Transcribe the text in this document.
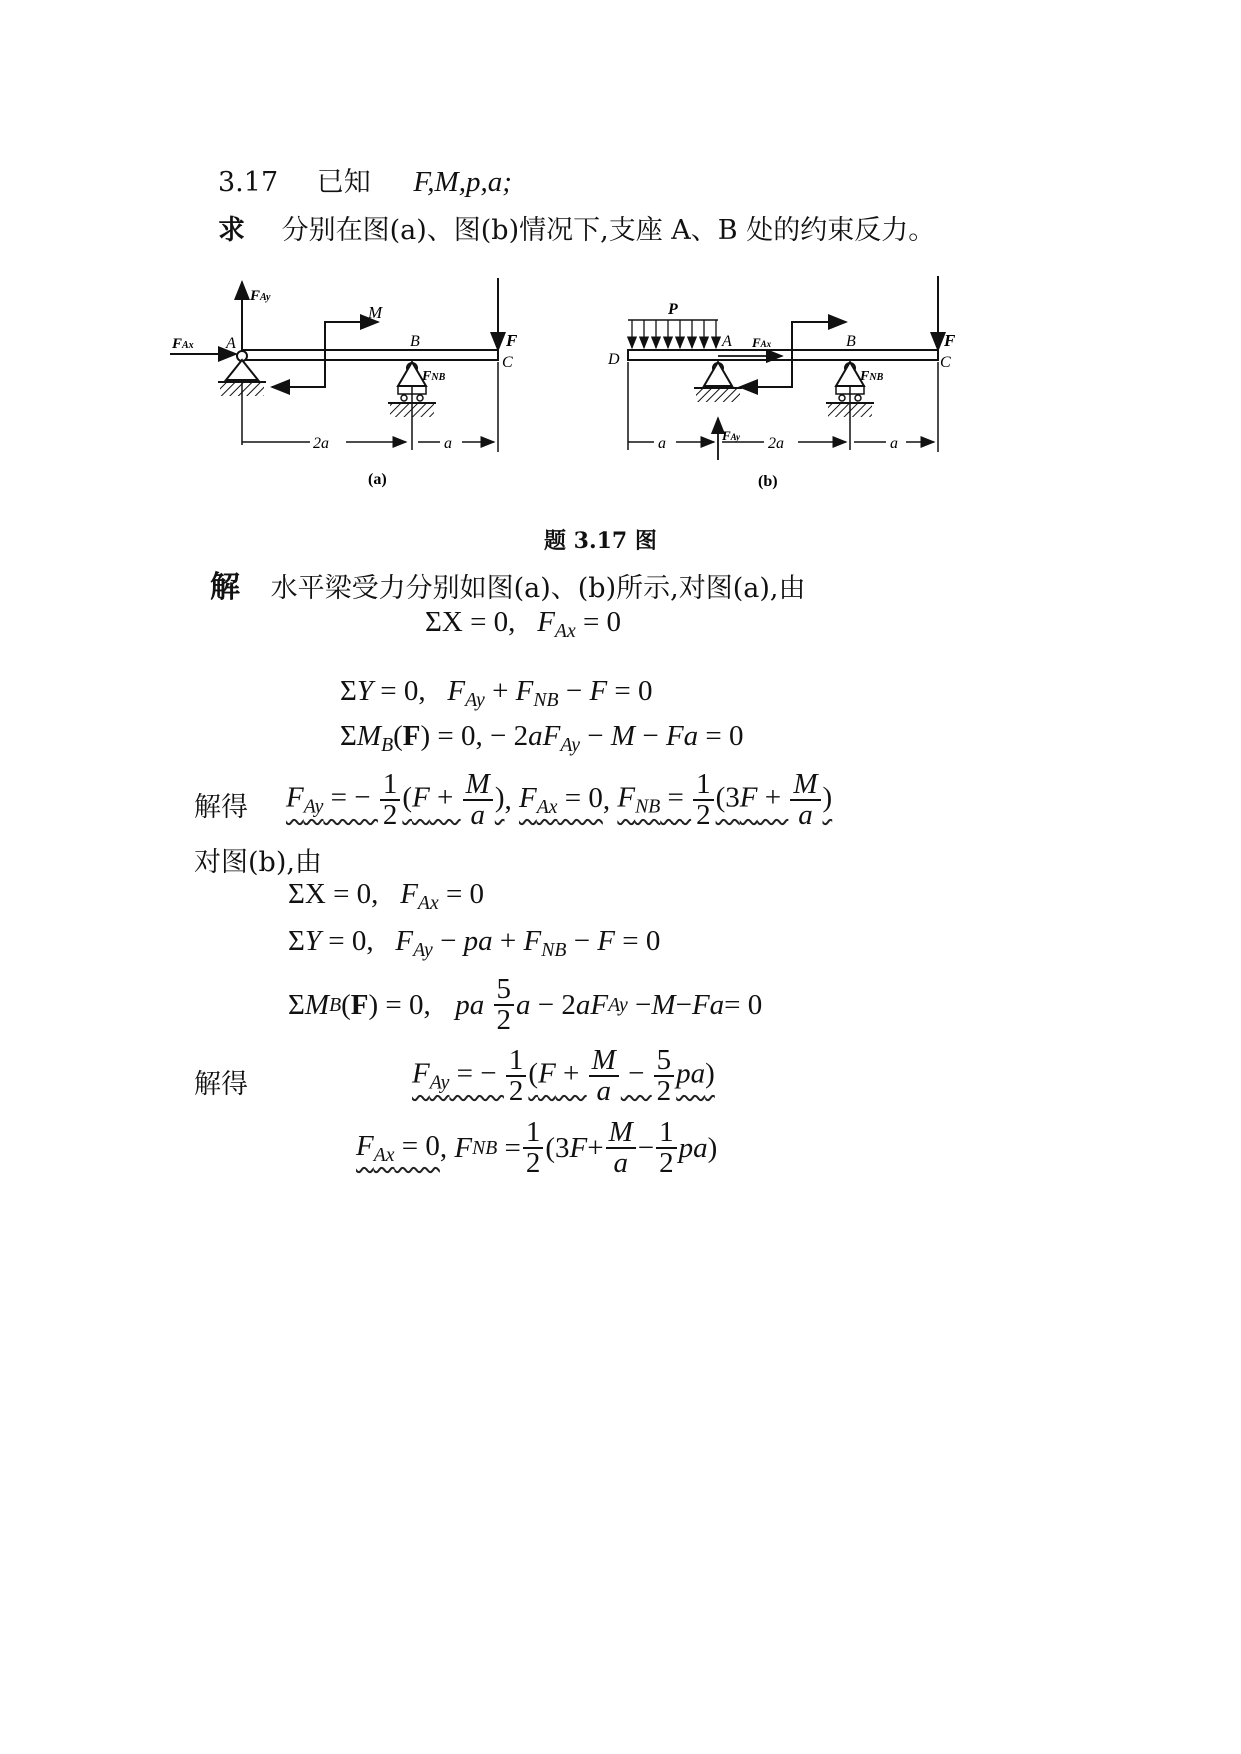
3.17 已知 F,M,p,a;
求 分别在图(a)、图(b)情况下,支座 A、B 处的约束反力。
FAy
FAx A
M
B
FNB
F
C
2a	a
(a)
D
P
A
FAy
FAx	B
FNB
F
C
a	2a	a
(b)
题 3.17 图
解 水平梁受力分别如图(a)、(b)所示,对图(a),由
ΣX = 0,   $F_{Ax} = 0$
ΣY = 0,   $F_{Ay} + F_{NB} - F = 0$
$\Sigma M_B(F) = 0$, − $2aF_{Ay} - M - Fa = 0$
解得 $F_{Ay}$ = − $\frac{1}{2} (F + \frac{M}{a}$ ) , $F_{Ax} = 0$ , $F_{NB} = \frac{1}{2} (3F + \frac{M}{a}$ )
对图(b),由
ΣX = 0,   $F_{Ax} = 0$
ΣY = 0,   $F_{Ay}$ − pa + $F_{NB} - F = 0$
Σ M B ( F ) = 0, pa
$\frac{5}{2}$ a − 2 aF Ay − M − Fa = 0
解得	$F_{Ay}$ = − $\frac{1}{2} (F + \frac{M}{a} - \frac{5}{2} pa)$
$F_{Ax} = 0$ , F NB = $\frac{1}{2} (3$ $F + \frac{M}{a} - \frac{1}{2}$ pa )
